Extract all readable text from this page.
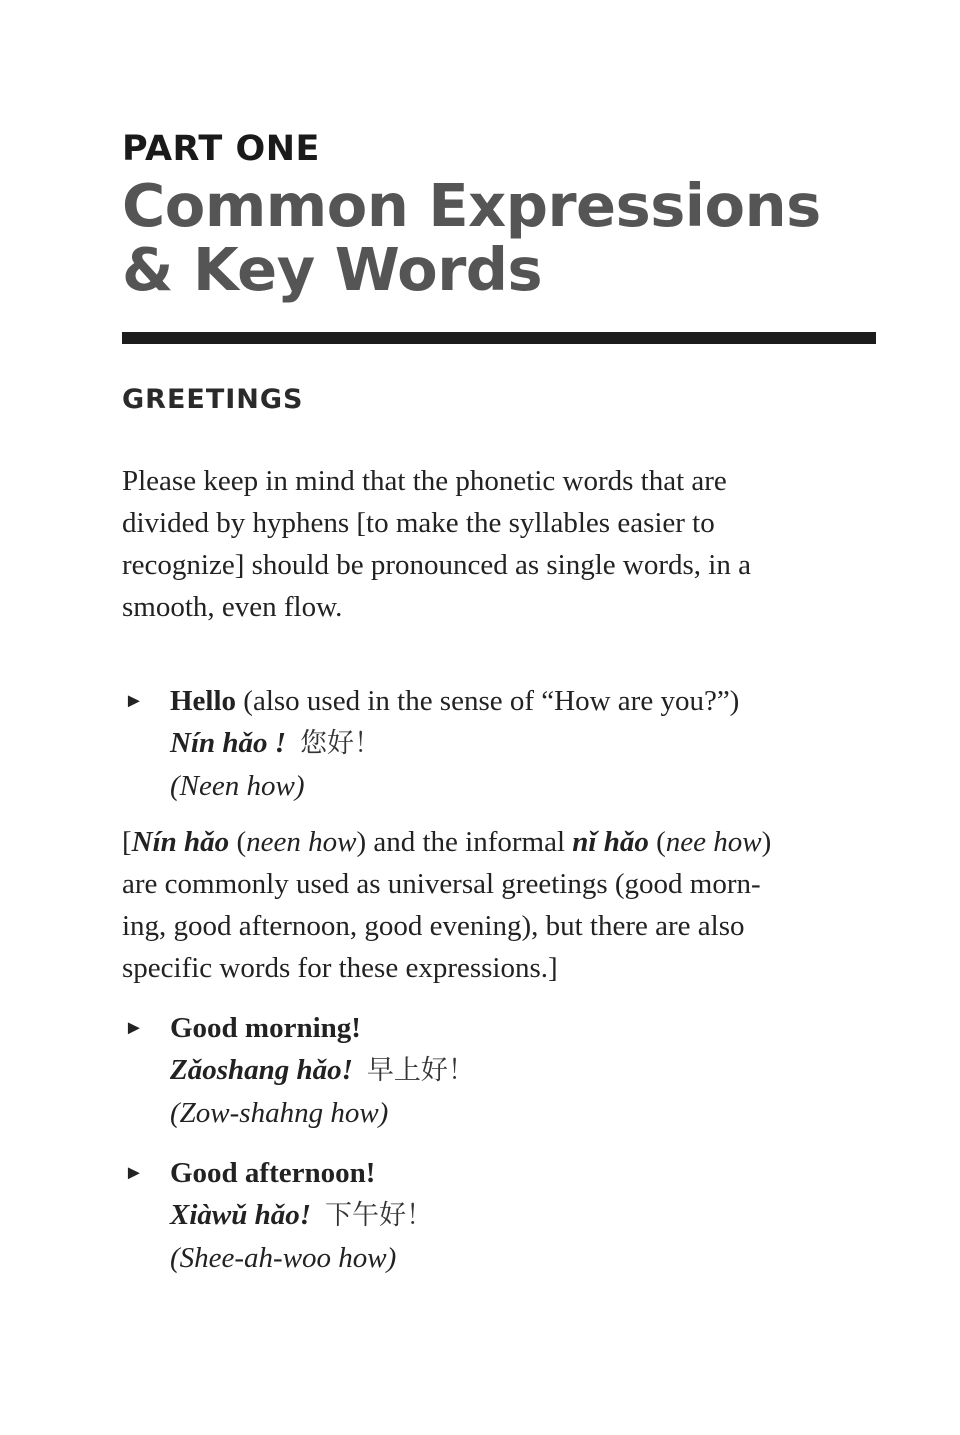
PART ONE
Common Expressions
& Key Words
GREETINGS
Please keep in mind that the phonetic words that are
divided by hyphens [to make the syllables easier to
recognize] should be pronounced as single words, in a
smooth, even flow.
► Hello (also used in the sense of “How are you?”)
Nín hǎo ! 您好！
(Neen how)
[Nín hǎo (neen how) and the informal nǐ hǎo (nee how)
are commonly used as universal greetings (good morn-
ing, good afternoon, good evening), but there are also
specific words for these expressions.]
► Good morning!
Zǎoshang hǎo! 早上好！
(Zow-shahng how)
► Good afternoon!
Xiàwǔ hǎo! 下午好！
(Shee-ah-woo how)
